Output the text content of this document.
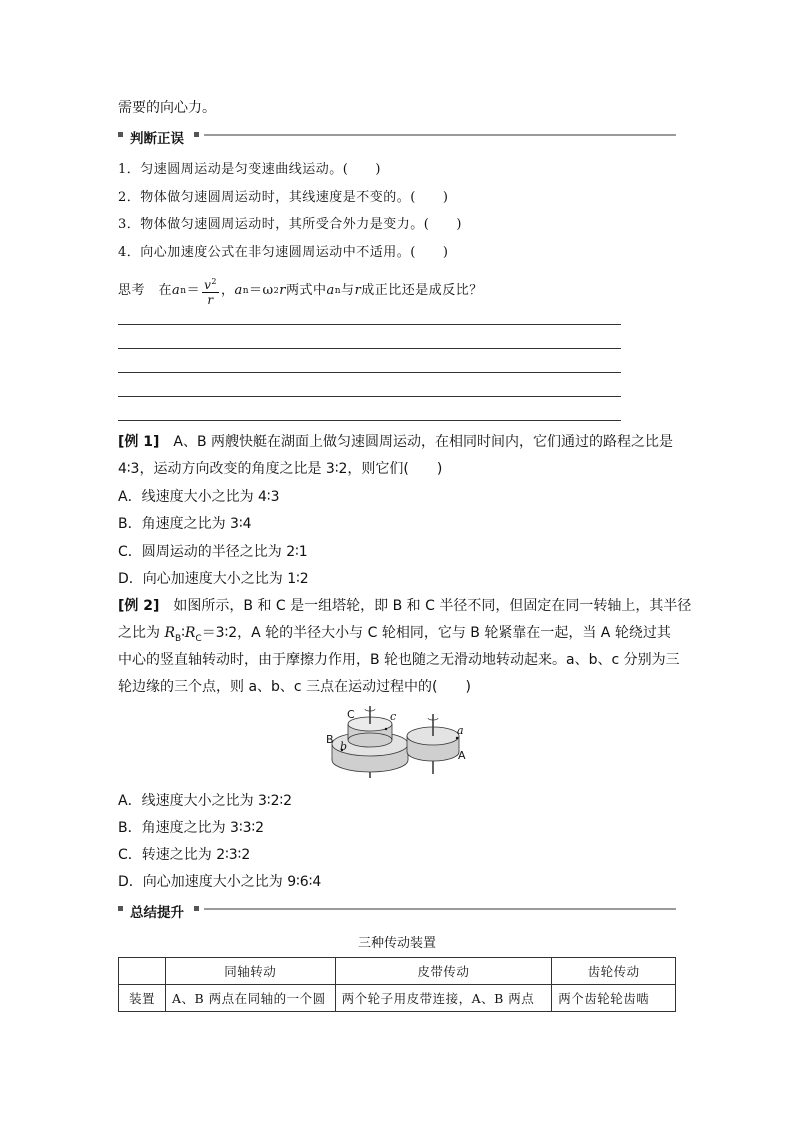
需要的向心力。
判断正误
1．匀速圆周运动是匀变速曲线运动。(　　)
2．物体做匀速圆周运动时，其线速度是不变的。(　　)
3．物体做匀速圆周运动时，其所受合外力是变力。(　　)
4．向心加速度公式在非匀速圆周运动中不适用。(　　)
思考　在 a $n = v^2$
r
， a n ＝ω 2 r 两式中 a n 与 r 成正比还是成反比？
[例 1]　A、B 两艘快艇在湖面上做匀速圆周运动，在相同时间内，它们通过的路程之比是
4∶3，运动方向改变的角度之比是 3∶2，则它们(　　)
A．线速度大小之比为 4∶3
B．角速度之比为 3∶4
C．圆周运动的半径之比为 2∶1
D．向心加速度大小之比为 1∶2
[例 2]　如图所示，B 和 C 是一组塔轮，即 B 和 C 半径不同，但固定在同一转轴上，其半径
之比为 $R_B∶R_C=3∶2$，A 轮的半径大小与 C 轮相同，它与 B 轮紧靠在一起，当 A 轮绕过其
中心的竖直轴转动时，由于摩擦力作用，B 轮也随之无滑动地转动起来。a、b、c 分别为三
轮边缘的三个点，则 a、b、c 三点在运动过程中的(　　)
C	c
B
b
a
A
A．线速度大小之比为 3∶2∶2
B．角速度之比为 3∶3∶2
C．转速之比为 2∶3∶2
D．向心加速度大小之比为 9∶6∶4
总结提升
三种传动装置
	同轴转动	皮带传动	齿轮传动
装置	A、B 两点在同轴的一个圆	两个轮子用皮带连接，A、B 两点	两个齿轮轮齿啮
